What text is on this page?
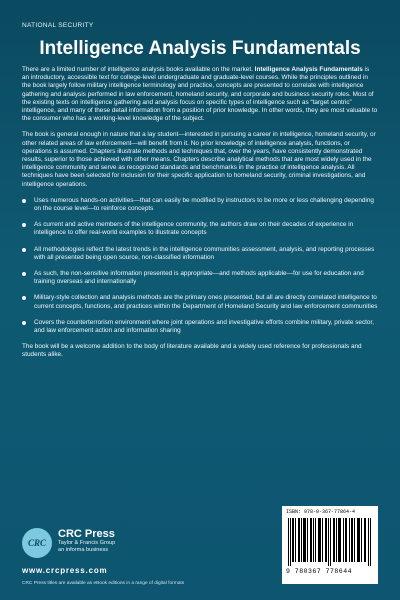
NATIONAL SECURITY
Intelligence Analysis Fundamentals

There are a limited number of intelligence analysis books available on the market. Intelligence Analysis Fundamentals is an introductory, accessible text for college-level undergraduate and graduate-level courses. While the principles outlined in the book largely follow military intelligence terminology and practice, concepts are presented to correlate with intelligence gathering and analysis performed in law enforcement, homeland security, and corporate and business security roles. Most of the existing texts on intelligence gathering and analysis focus on specific types of intelligence such as “target centric” intelligence, and many of these detail information from a position of prior knowledge. In other words, they are most valuable to the consumer who has a working-level knowledge of the subject.

The book is general enough in nature that a lay student—interested in pursuing a career in intelligence, homeland security, or other related areas of law enforcement—will benefit from it. No prior knowledge of intelligence analysis, functions, or operations is assumed. Chapters illustrate methods and techniques that, over the years, have consistently demonstrated results, superior to those achieved with other means. Chapters describe analytical methods that are most widely used in the intelligence community and serve as recognized standards and benchmarks in the practice of intelligence analysis. All techniques have been selected for inclusion for their specific application to homeland security, criminal investigations, and intelligence operations.

Uses numerous hands-on activities—that can easily be modified by instructors to be more or less challenging depending on the course level—to reinforce concepts
As current and active members of the intelligence community, the authors draw on their decades of experience in intelligence to offer real-world examples to illustrate concepts
All methodologies reflect the latest trends in the intelligence communities assessment, analysis, and reporting processes with all presented being open source, non-classified information
As such, the non-sensitive information presented is appropriate—and methods applicable—for use for education and training overseas and internationally
Military-style collection and analysis methods are the primary ones presented, but all are directly correlated intelligence to current concepts, functions, and practices within the Department of Homeland Security and law enforcement communities
Covers the counterterrorism environment where joint operations and investigative efforts combine military, private sector, and law enforcement action and information sharing

The book will be a welcome addition to the body of literature available and a widely used reference for professionals and students alike.

CRC
CRC Press
Taylor & Francis Group
an informa business
www.crcpress.com
CRC Press titles are available as eBook editions in a range of digital formats
ISBN: 978-0-367-77864-4
9 780367 778644
